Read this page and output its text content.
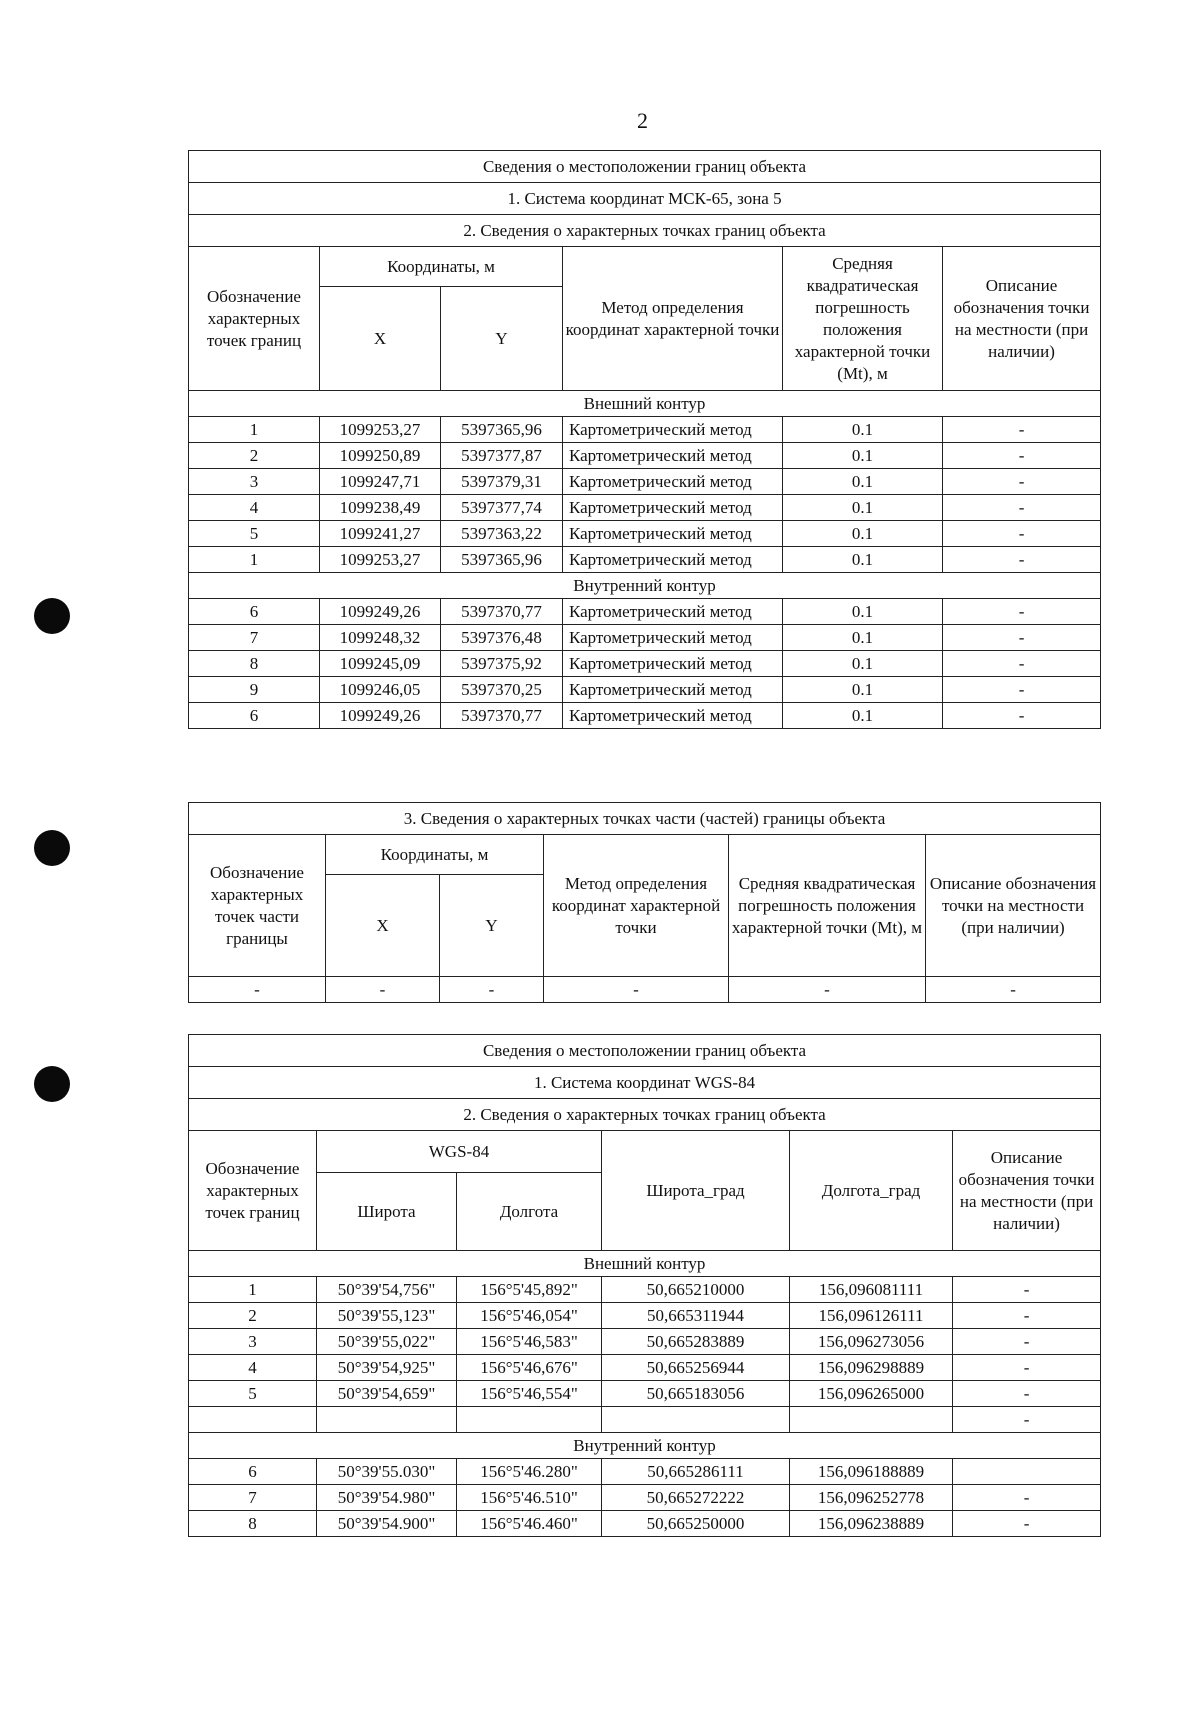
2
Сведения о местоположении границ объекта					
1. Система координат МСК-65, зона 5					
2. Сведения о характерных точках границ объекта					
Обозначение характерных точек границ	Координаты, м		Метод определения координат характерной точки	Средняя квадратическая погрешность положения характерной точки (Mt), м	Описание обозначения точки на местности (при наличии)
	X	Y			
Внешний контур					
1	1099253,27	5397365,96	Картометрический метод	0.1	-
2	1099250,89	5397377,87	Картометрический метод	0.1	-
3	1099247,71	5397379,31	Картометрический метод	0.1	-
4	1099238,49	5397377,74	Картометрический метод	0.1	-
5	1099241,27	5397363,22	Картометрический метод	0.1	-
1	1099253,27	5397365,96	Картометрический метод	0.1	-
Внутренний контур					
6	1099249,26	5397370,77	Картометрический метод	0.1	-
7	1099248,32	5397376,48	Картометрический метод	0.1	-
8	1099245,09	5397375,92	Картометрический метод	0.1	-
9	1099246,05	5397370,25	Картометрический метод	0.1	-
6	1099249,26	5397370,77	Картометрический метод	0.1	-
3. Сведения о характерных точках части (частей) границы объекта					
Обозначение характерных точек части границы	Координаты, м		Метод определения координат характерной точки	Средняя квадратическая погрешность положения характерной точки (Mt), м	Описание обозначения точки на местности (при наличии)
	X	Y			
-	-	-	-	-	-
Сведения о местоположении границ объекта					
1. Система координат WGS-84					
2. Сведения о характерных точках границ объекта					
Обозначение характерных точек границ	WGS-84		Широта_град	Долгота_град	Описание обозначения точки на местности (при наличии)
	Широта	Долгота			
Внешний контур					
1	50°39'54,756"	156°5'45,892"	50,665210000	156,096081111	-
2	50°39'55,123"	156°5'46,054"	50,665311944	156,096126111	-
3	50°39'55,022"	156°5'46,583"	50,665283889	156,096273056	-
4	50°39'54,925"	156°5'46,676"	50,665256944	156,096298889	-
5	50°39'54,659"	156°5'46,554"	50,665183056	156,096265000	-
					-
Внутренний контур					
6	50°39'55.030"	156°5'46.280"	50,665286111	156,096188889	
7	50°39'54.980"	156°5'46.510"	50,665272222	156,096252778	-
8	50°39'54.900"	156°5'46.460"	50,665250000	156,096238889	-
